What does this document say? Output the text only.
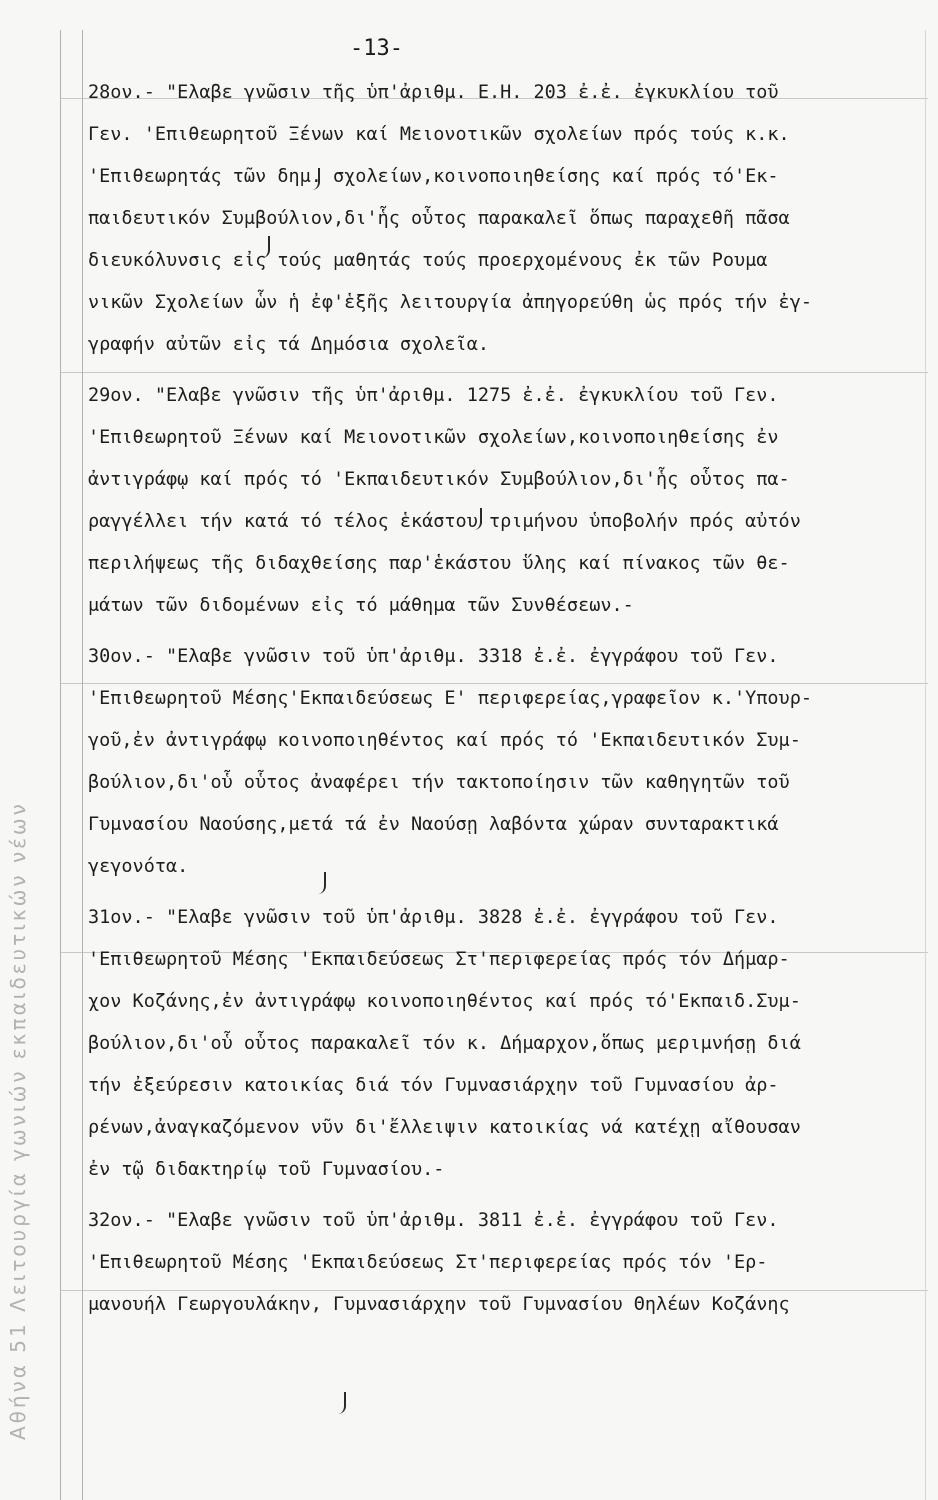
Αθήνα 51 Λειτουργία γωνιών εκπαιδευτικών νέων
-13-
28ον.- "Ελαβε γνῶσιν τῆς ὑπ'ἀριθμ. Ε.Η. 203 ἐ.ἐ. ἐγκυκλίου τοῦ
Γεν. 'Επιθεωρητοῦ Ξένων καί Μειονοτικῶν σχολείων πρός τούς κ.κ.
'Επιθεωρητάς τῶν δημ. σχολείων,κοινοποιηθείσης καί πρός τό'Εκ-
παιδευτικόν Συμβούλιον,δι'ἧς οὗτος παρακαλεῖ ὅπως παραχεθῆ πᾶσα
διευκόλυνσις εἰς τούς μαθητάς τούς προερχομένους ἐκ τῶν Ρουμα
νικῶν Σχολείων ὧν ἡ ἐφ'ἑξῆς λειτουργία ἀπηγορεύθη ὡς πρός τήν ἐγ-
γραφήν αὐτῶν εἰς τά Δημόσια σχολεῖα.
29ον. "Ελαβε γνῶσιν τῆς ὑπ'ἀριθμ. 1275 ἐ.ἐ. ἐγκυκλίου τοῦ Γεν.
'Επιθεωρητοῦ Ξένων καί Μειονοτικῶν σχολείων,κοινοποιηθείσης ἐν
ἀντιγράφῳ καί πρός τό 'Εκπαιδευτικόν Συμβούλιον,δι'ἧς οὗτος πα-
ραγγέλλει τήν κατά τό τέλος ἑκάστου τριμήνου ὑποβολήν πρός αὐτόν
περιλήψεως τῆς διδαχθείσης παρ'ἑκάστου ὕλης καί πίνακος τῶν θε-
μάτων τῶν διδομένων εἰς τό μάθημα τῶν Συνθέσεων.-
30ον.- "Ελαβε γνῶσιν τοῦ ὑπ'ἀριθμ. 3318 ἐ.ἐ. ἐγγράφου τοῦ Γεν.
'Επιθεωρητοῦ Μέσης'Εκπαιδεύσεως Ε' περιφερείας,γραφεῖον κ.'Υπουρ-
γοῦ,ἐν ἀντιγράφῳ κοινοποιηθέντος καί πρός τό 'Εκπαιδευτικόν Συμ-
βούλιον,δι'οὗ οὗτος ἀναφέρει τήν τακτοποίησιν τῶν καθηγητῶν τοῦ
Γυμνασίου Ναούσης,μετά τά ἐν Ναούσῃ λαβόντα χώραν συνταρακτικά
γεγονότα.
31ον.- "Ελαβε γνῶσιν τοῦ ὑπ'ἀριθμ. 3828 ἐ.ἐ. ἐγγράφου τοῦ Γεν.
'Επιθεωρητοῦ Μέσης 'Εκπαιδεύσεως Στ'περιφερείας πρός τόν Δήμαρ-
χον Κοζάνης,ἐν ἀντιγράφῳ κοινοποιηθέντος καί πρός τό'Εκπαιδ.Συμ-
βούλιον,δι'οὗ οὗτος παρακαλεῖ τόν κ. Δήμαρχον,ὅπως μεριμνήσῃ διά
τήν ἐξεύρεσιν κατοικίας διά τόν Γυμνασιάρχην τοῦ Γυμνασίου ἀρ-
ρένων,ἀναγκαζόμενον νῦν δι'ἔλλειψιν κατοικίας νά κατέχῃ αἴθουσαν
ἐν τῷ διδακτηρίῳ τοῦ Γυμνασίου.-
32ον.- "Ελαβε γνῶσιν τοῦ ὑπ'ἀριθμ. 3811 ἐ.ἐ. ἐγγράφου τοῦ Γεν.
'Επιθεωρητοῦ Μέσης 'Εκπαιδεύσεως Στ'περιφερείας πρός τόν 'Ερ-
μανουήλ Γεωργουλάκην, Γυμνασιάρχην τοῦ Γυμνασίου Θηλέων Κοζάνης
